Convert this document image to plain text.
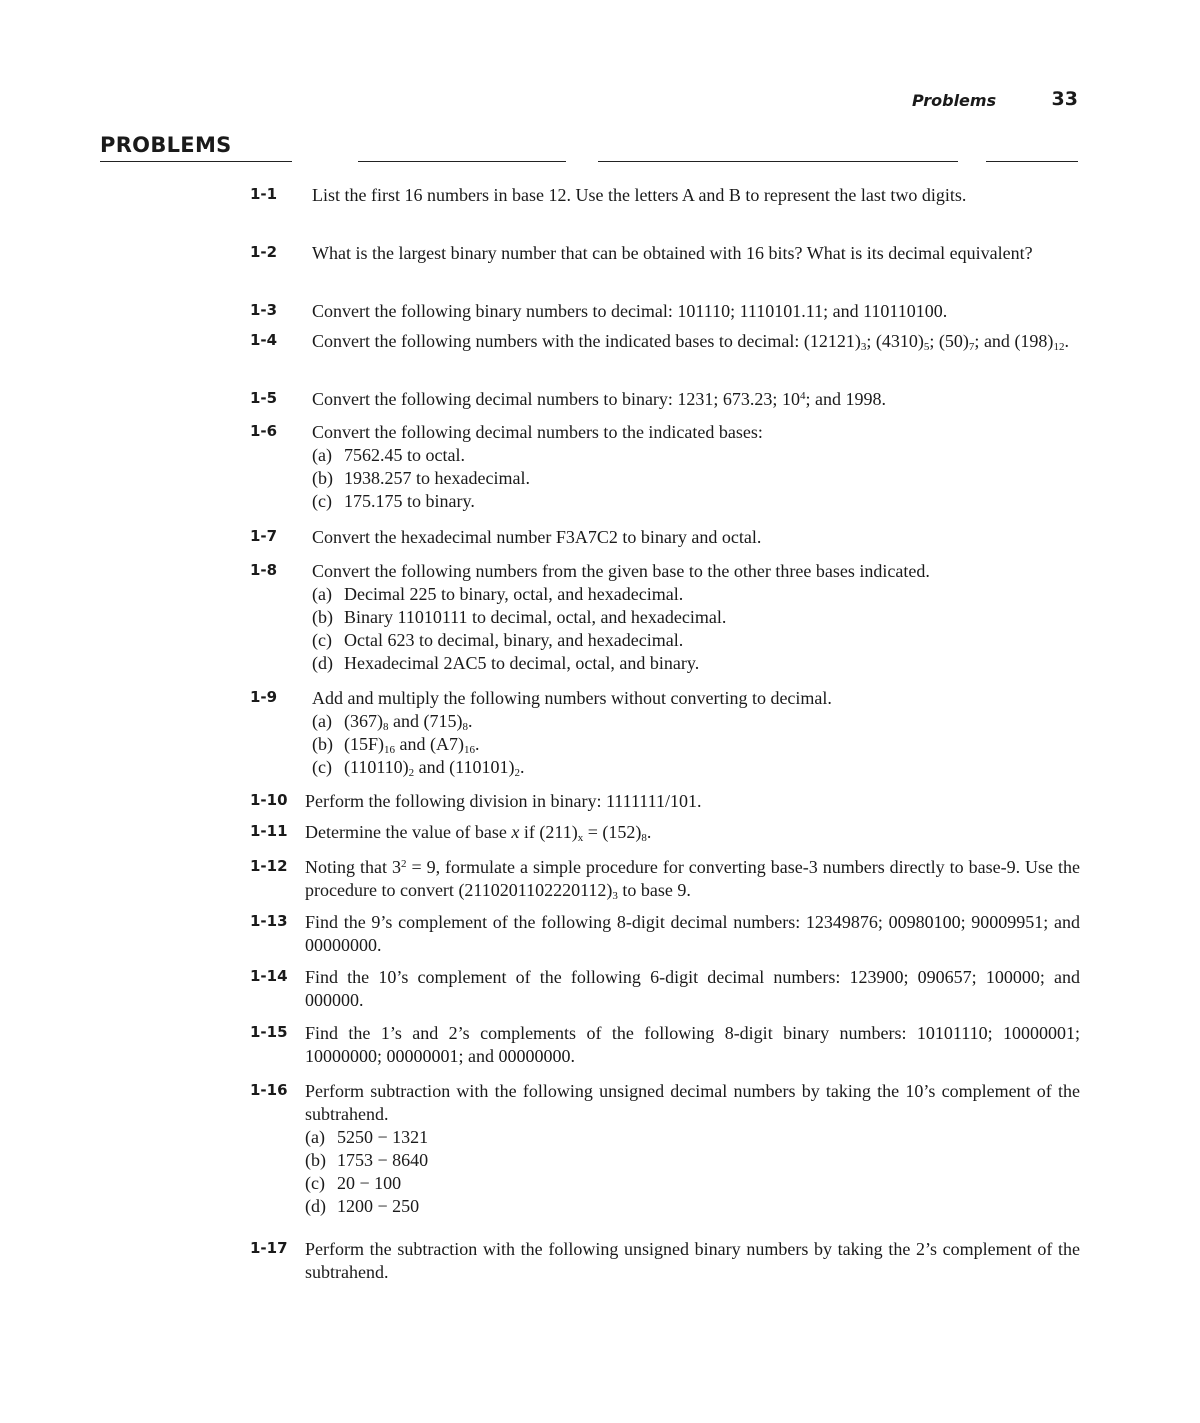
Problems	33
PROBLEMS
1-1	List the first 16 numbers in base 12. Use the letters A and B to represent the last two digits.
1-2	What is the largest binary number that can be obtained with 16 bits? What is its decimal equivalent?
1-3	Convert the following binary numbers to decimal: 101110; 1110101.11; and 110110100.
1-4	Convert the following numbers with the indicated bases to decimal: $(12121)_3$; $(4310)_5$; $(50)_7$; and $(198)_{12}$.
1-5	Convert the following decimal numbers to binary: 1231; 673.23; $10^4$; and 1998.
1-6	Convert the following decimal numbers to the indicated bases:
(a) 7562.45 to octal.
(b) 1938.257 to hexadecimal.
(c) 175.175 to binary.
1-7	Convert the hexadecimal number F3A7C2 to binary and octal.
1-8	Convert the following numbers from the given base to the other three bases indicated.
(a) Decimal 225 to binary, octal, and hexadecimal.
(b) Binary 11010111 to decimal, octal, and hexadecimal.
(c) Octal 623 to decimal, binary, and hexadecimal.
(d) Hexadecimal 2AC5 to decimal, octal, and binary.
1-9	Add and multiply the following numbers without converting to decimal.
(a) $(367)_8$ and $(715)_8$.
(b) $(15F)_{16}$ and $(A7)_{16}$.
(c) $(110110)_2$ and $(110101)_2$.
1-10 Perform the following division in binary: 1111111/101.
1-11 Determine the value of base x if $(211)_x = (152)_8$.
1-12 Noting that $3^2 = 9$, formulate a simple procedure for converting base-3 numbers directly to base-9. Use the procedure to convert $(2110201102220112)_3$ to base 9.
1-13 Find the 9’s complement of the following 8-digit decimal numbers: 12349876; 00980100; 90009951; and 00000000.
1-14 Find the 10’s complement of the following 6-digit decimal numbers: 123900; 090657; 100000; and 000000.
1-15 Find the 1’s and 2’s complements of the following 8-digit binary numbers: 10101110; 10000001; 10000000; 00000001; and 00000000.
1-16 Perform subtraction with the following unsigned decimal numbers by taking the 10’s complement of the subtrahend.
(a) 5250 − 1321
(b) 1753 − 8640
(c) 20 − 100
(d) 1200 − 250
1-17 Perform the subtraction with the following unsigned binary numbers by taking the 2’s complement of the subtrahend.
